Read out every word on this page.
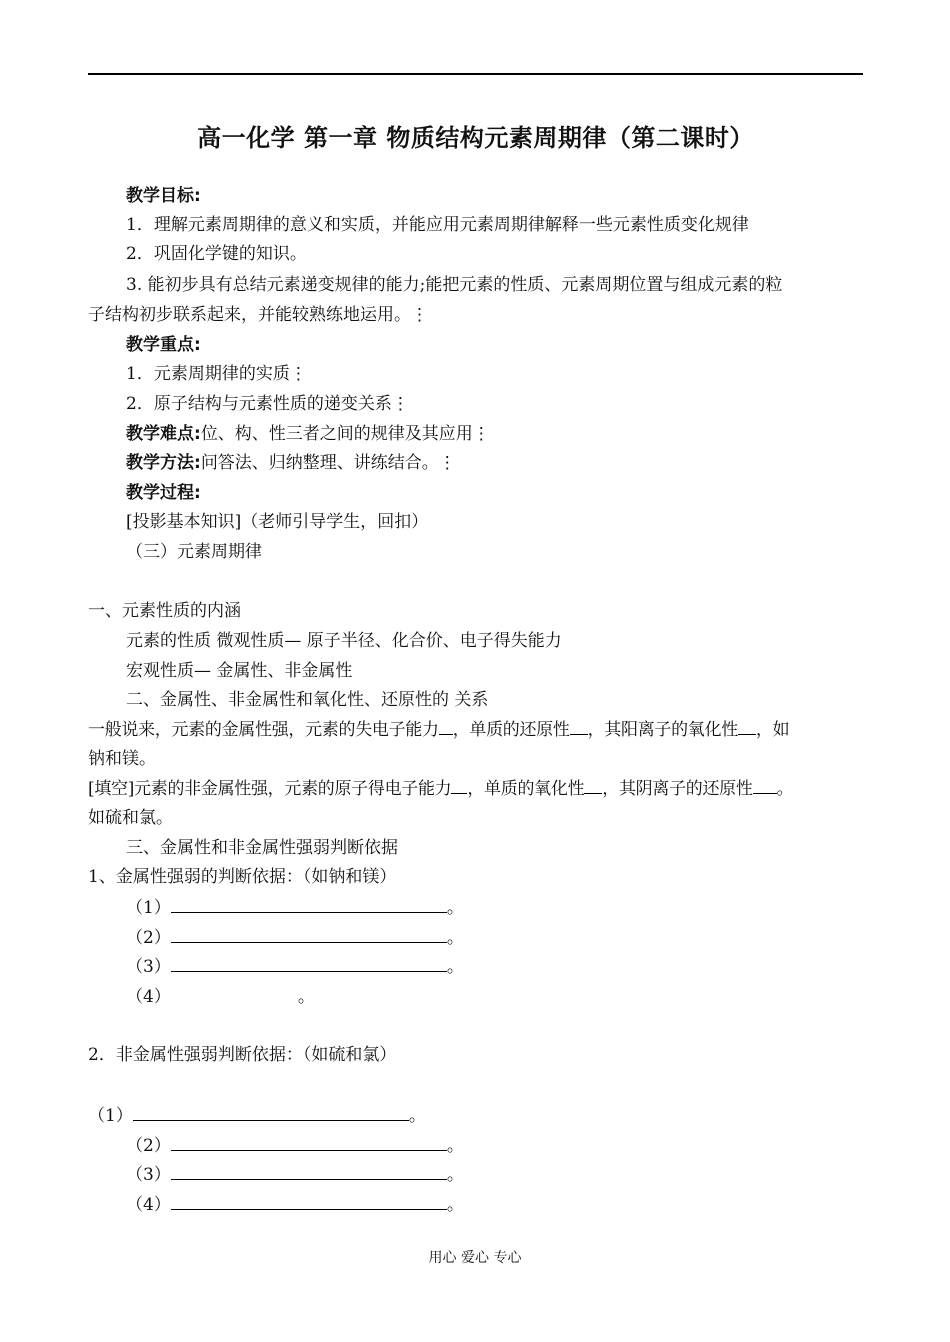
高一化学 第一章 物质结构元素周期律（第二课时）
教学目标:
1．理解元素周期律的意义和实质，并能应用元素周期律解释一些元素性质变化规律
2．巩固化学键的知识。
3. 能初步具有总结元素递变规律的能力;能把元素的性质、元素周期位置与组成元素的粒
子结构初步联系起来，并能较熟练地运用。⋮
教学重点:
1．元素周期律的实质⋮
2．原子结构与元素性质的递变关系⋮
教学难点:位、构、性三者之间的规律及其应用⋮
教学方法:问答法、归纳整理、讲练结合。⋮
教学过程:
[投影基本知识]（老师引导学生，回扣）
（三）元素周期律
一、元素性质的内涵
元素的性质 微观性质— 原子半径、化合价、电子得失能力
宏观性质— 金属性、非金属性
二、金属性、非金属性和氧化性、还原性的 关系
一般说来，元素的金属性强，元素的失电子能力 ，单质的还原性 ，其阳离子的氧化性 ，如
钠和镁。
[填空]元素的非金属性强，元素的原子得电子能力 ，单质的氧化性 ，其阴离子的还原性 。
如硫和氯。
三、金属性和非金属性强弱判断依据
1、金属性强弱的判断依据：（如钠和镁）
（1）	。
（2）	。
（3）	。
（4）	。
2．非金属性强弱判断依据：（如硫和氯）
（1）	。
（2）	。
（3）	。
（4）	。
用心 爱心 专心
